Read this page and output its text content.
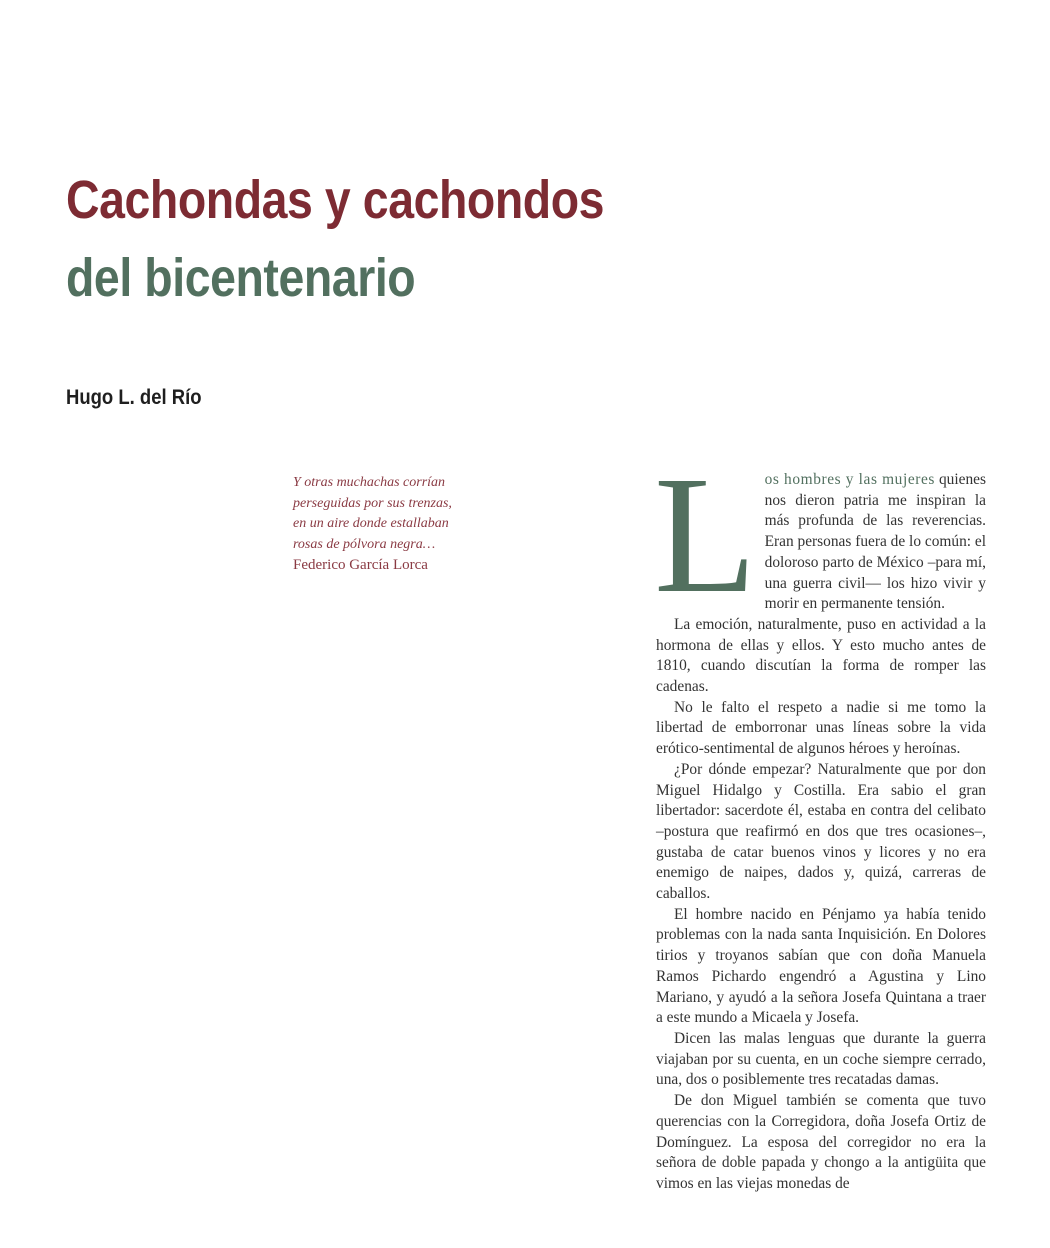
Cachondas y cachondos
del bicentenario
Hugo L. del Río
Y otras muchachas corrían
perseguidas por sus trenzas,
en un aire donde estallaban
rosas de pólvora negra…
Federico García Lorca Los hombres y las mujeres quienes nos dieron patria me inspiran la más profunda de las reverencias. Eran personas fuera de lo común: el doloroso parto de México –para mí, una guerra civil— los hizo vivir y morir en permanente tensión.

La emoción, naturalmente, puso en actividad a la hormona de ellas y ellos. Y esto mucho antes de 1810, cuando discutían la forma de romper las cadenas.

No le falto el respeto a nadie si me tomo la libertad de emborronar unas líneas sobre la vida erótico-sentimental de algunos héroes y heroínas.

¿Por dónde empezar? Naturalmente que por don Miguel Hidalgo y Costilla. Era sabio el gran libertador: sacerdote él, estaba en contra del celibato –postura que reafirmó en dos que tres ocasiones–, gustaba de catar buenos vinos y licores y no era enemigo de naipes, dados y, quizá, carreras de caballos.

El hombre nacido en Pénjamo ya había tenido problemas con la nada santa Inquisición. En Dolores tirios y troyanos sabían que con doña Manuela Ramos Pichardo engendró a Agustina y Lino Mariano, y ayudó a la señora Josefa Quintana a traer a este mundo a Micaela y Josefa.

Dicen las malas lenguas que durante la guerra viajaban por su cuenta, en un coche siempre cerrado, una, dos o posiblemente tres recatadas damas.

De don Miguel también se comenta que tuvo querencias con la Corregidora, doña Josefa Ortiz de Domínguez. La esposa del corregidor no era la señora de doble papada y chongo a la antigüita que vimos en las viejas monedas de
